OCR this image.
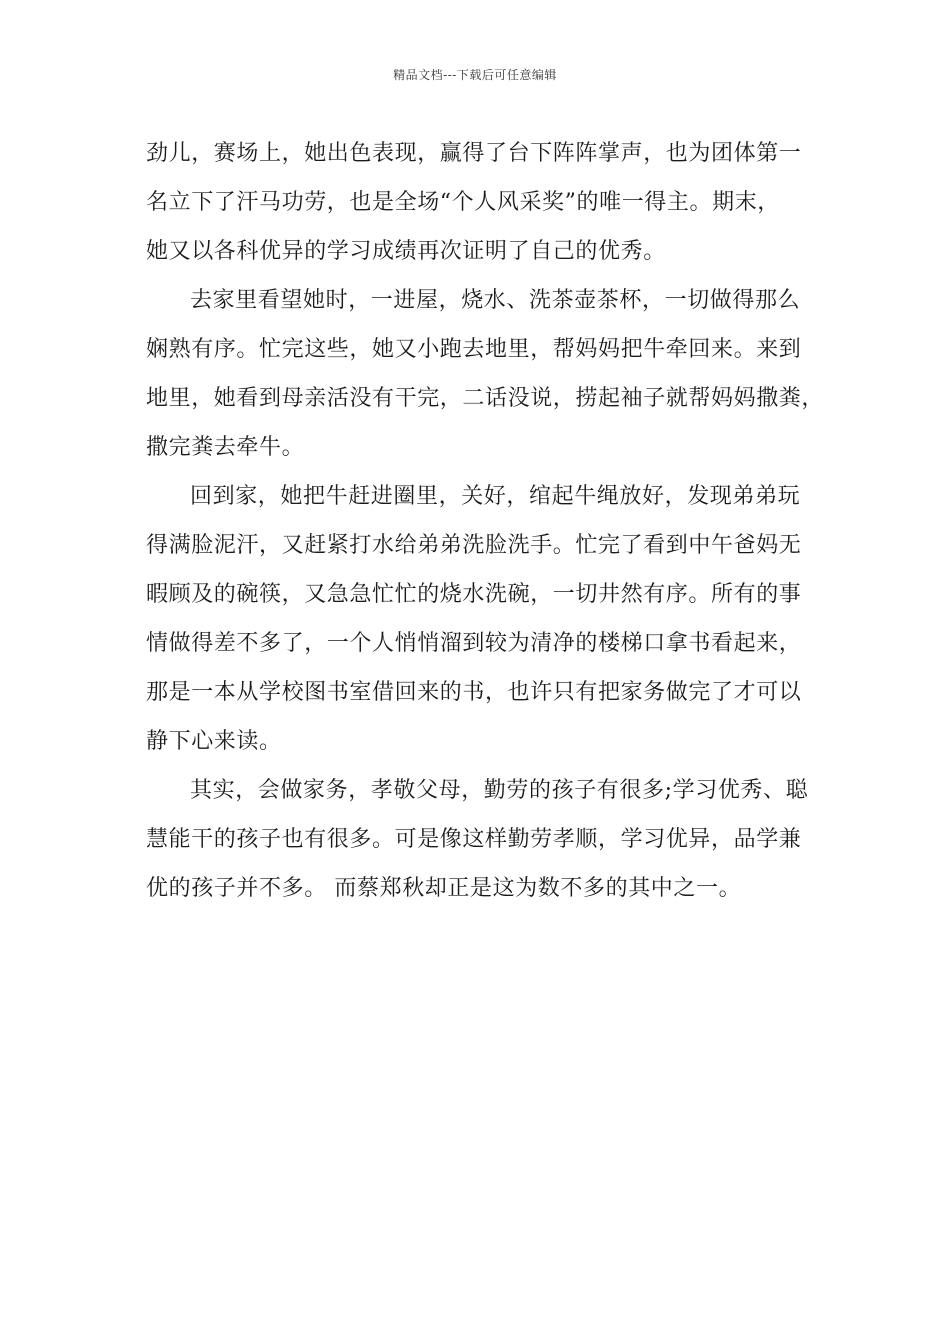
精品文档---下载后可任意编辑

劲儿，赛场上，她出色表现，赢得了台下阵阵掌声，也为团体第一
名立下了汗马功劳，也是全场“个人风采奖”的唯一得主。期末，
她又以各科优异的学习成绩再次证明了自己的优秀。

去家里看望她时，一进屋，烧水、洗茶壶茶杯，一切做得那么
娴熟有序。忙完这些，她又小跑去地里，帮妈妈把牛牵回来。来到
地里，她看到母亲活没有干完，二话没说，捞起袖子就帮妈妈撒粪，
撒完粪去牵牛。

回到家，她把牛赶进圈里，关好，绾起牛绳放好，发现弟弟玩
得满脸泥汗，又赶紧打水给弟弟洗脸洗手。忙完了看到中午爸妈无
暇顾及的碗筷，又急急忙忙的烧水洗碗，一切井然有序。所有的事
情做得差不多了，一个人悄悄溜到较为清净的楼梯口拿书看起来，
那是一本从学校图书室借回来的书，也许只有把家务做完了才可以
静下心来读。

其实，会做家务，孝敬父母，勤劳的孩子有很多;学习优秀、聪
慧能干的孩子也有很多。可是像这样勤劳孝顺，学习优异，品学兼
优的孩子并不多。 而蔡郑秋却正是这为数不多的其中之一。
